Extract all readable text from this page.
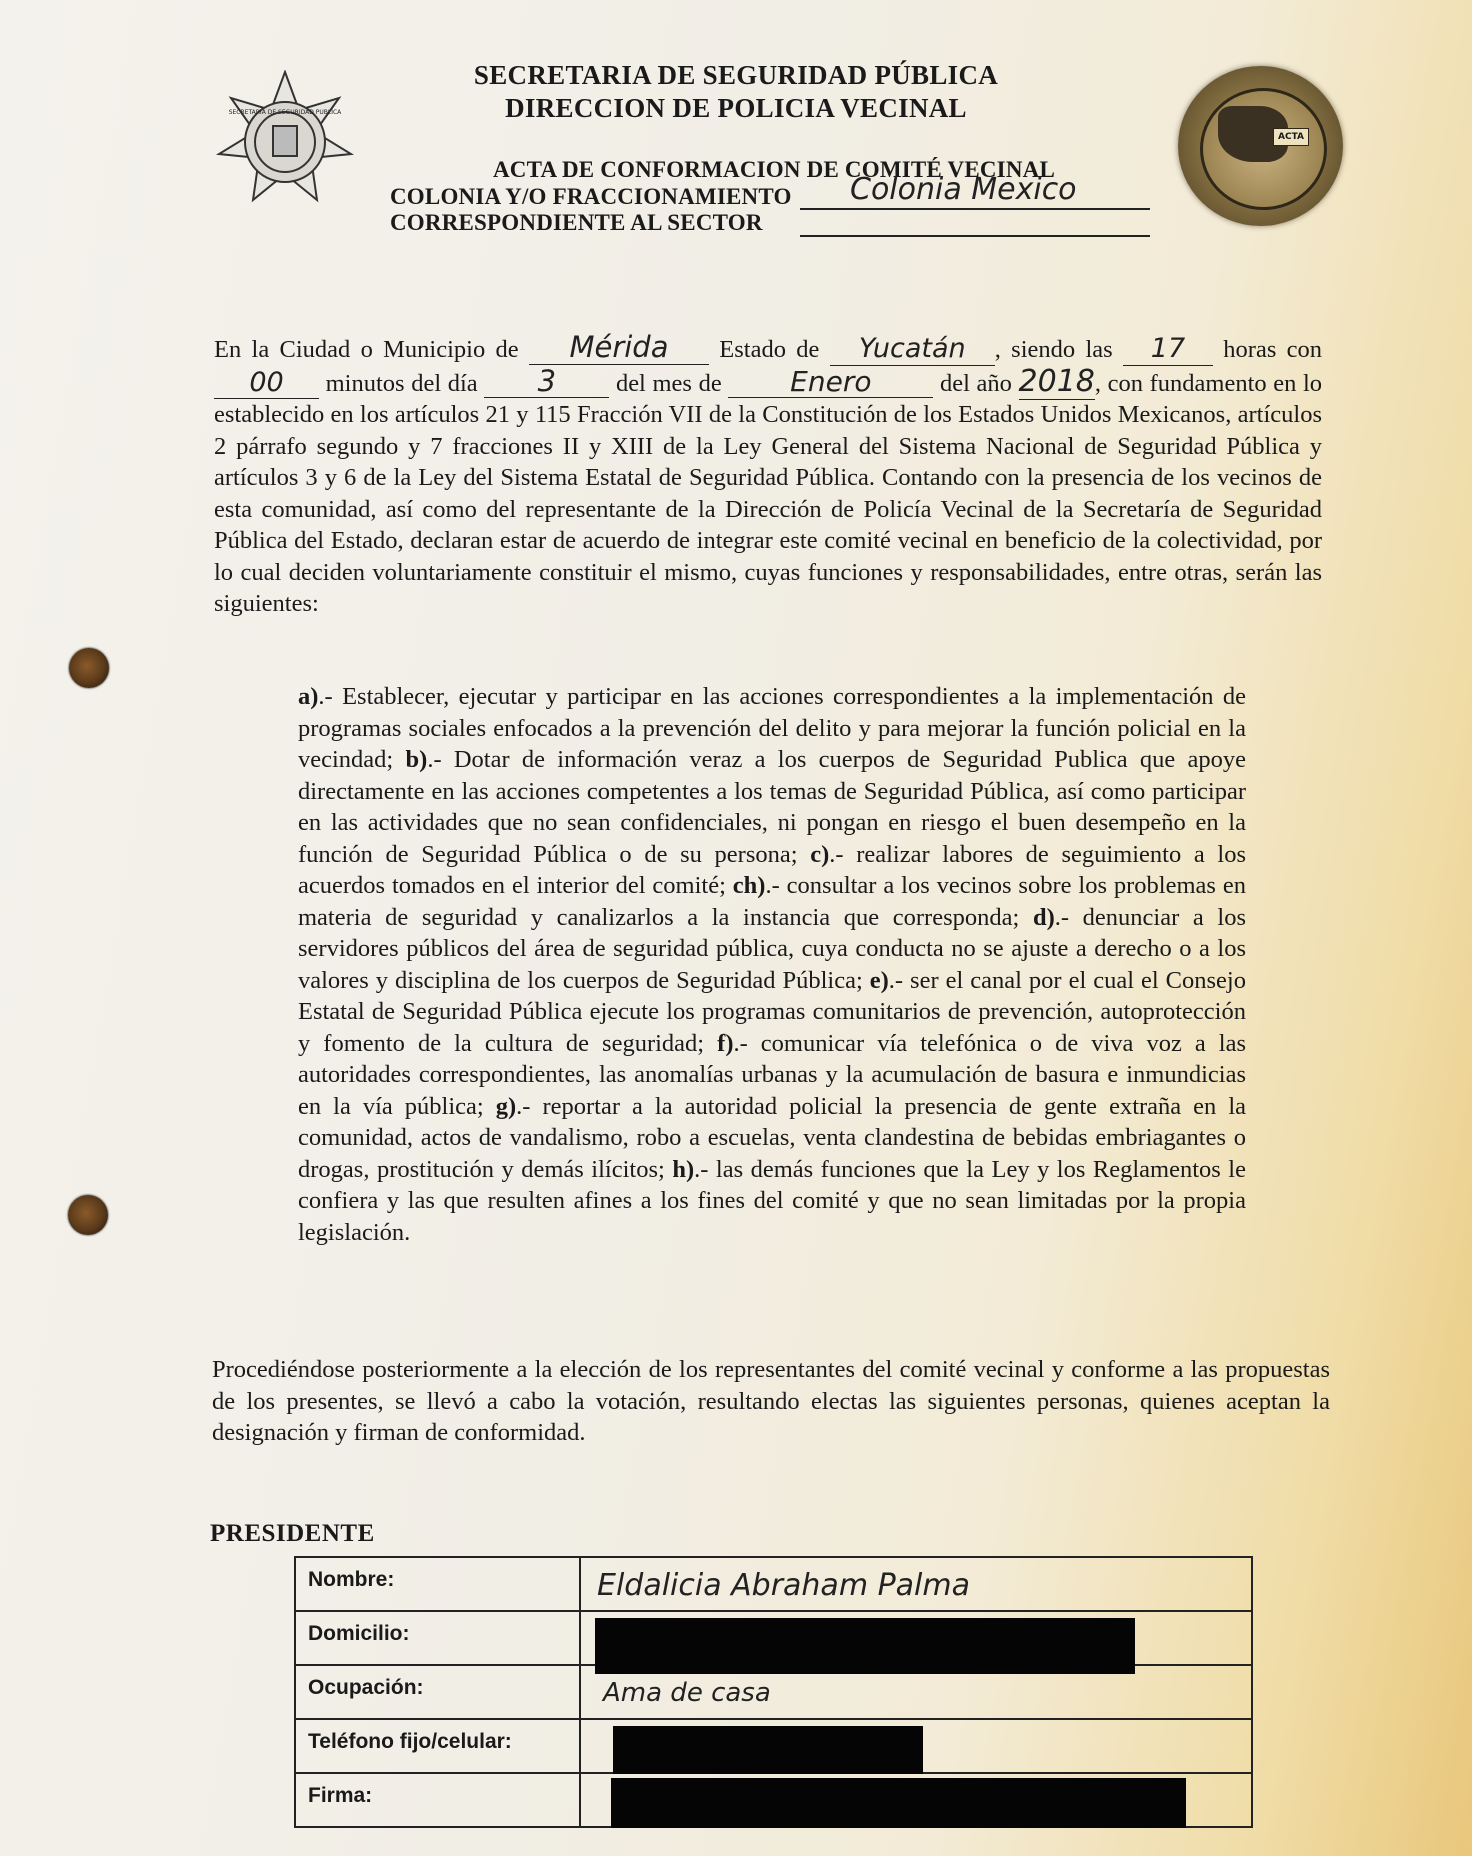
SECRETARIA DE SEGURIDAD PUBLICA
ACTA
SECRETARIA DE SEGURIDAD PÚBLICA
DIRECCION DE POLICIA VECINAL
ACTA DE CONFORMACION DE COMITÉ VECINAL
COLONIA Y/O FRACCIONAMIENTO Colonia Mexico
CORRESPONDIENTE AL SECTOR
En la Ciudad o Municipio de Mérida Estado de Yucatán , siendo las 17 horas con 00 minutos del día 3 del mes de Enero	del año 2018, con fundamento en lo establecido en los artículos 21 y 115 Fracción VII de la Constitución de los Estados Unidos Mexicanos, artículos 2 párrafo segundo y 7 fracciones II y XIII de la Ley General del Sistema Nacional de Seguridad Pública y artículos 3 y 6 de la Ley del Sistema Estatal de Seguridad Pública. Contando con la presencia de los vecinos de esta comunidad, así como del representante de la Dirección de Policía Vecinal de la Secretaría de Seguridad Pública del Estado, declaran estar de acuerdo de integrar este comité vecinal en beneficio de la colectividad, por lo cual deciden voluntariamente constituir el mismo, cuyas funciones y responsabilidades, entre otras, serán las siguientes:
a).- Establecer, ejecutar y participar en las acciones correspondientes a la implementación de programas sociales enfocados a la prevención del delito y para mejorar la función policial en la vecindad; b).- Dotar de información veraz a los cuerpos de Seguridad Publica que apoye directamente en las acciones competentes a los temas de Seguridad Pública, así como participar en las actividades que no sean confidenciales, ni pongan en riesgo el buen desempeño en la función de Seguridad Pública o de su persona; c).- realizar labores de seguimiento a los acuerdos tomados en el interior del comité; ch).- consultar a los vecinos sobre los problemas en materia de seguridad y canalizarlos a la instancia que corresponda; d).- denunciar a los servidores públicos del área de seguridad pública, cuya conducta no se ajuste a derecho o a los valores y disciplina de los cuerpos de Seguridad Pública; e).- ser el canal por el cual el Consejo Estatal de Seguridad Pública ejecute los programas comunitarios de prevención, autoprotección y fomento de la cultura de seguridad; f).- comunicar vía telefónica o de viva voz a las autoridades correspondientes, las anomalías urbanas y la acumulación de basura e inmundicias en la vía pública; g).- reportar a la autoridad policial la presencia de gente extraña en la comunidad, actos de vandalismo, robo a escuelas, venta clandestina de bebidas embriagantes o drogas, prostitución y demás ilícitos; h).- las demás funciones que la Ley y los Reglamentos le confiera y las que resulten afines a los fines del comité y que no sean limitadas por la propia legislación.
Procediéndose posteriormente a la elección de los representantes del comité vecinal y conforme a las propuestas de los presentes, se llevó a cabo la votación, resultando electas las siguientes personas, quienes aceptan la designación y firman de conformidad.
PRESIDENTE
Nombre:	Eldalicia Abraham Palma

Domicilio:	

Ocupación:	Ama de casa

Teléfono fijo/celular:	

Firma:	
